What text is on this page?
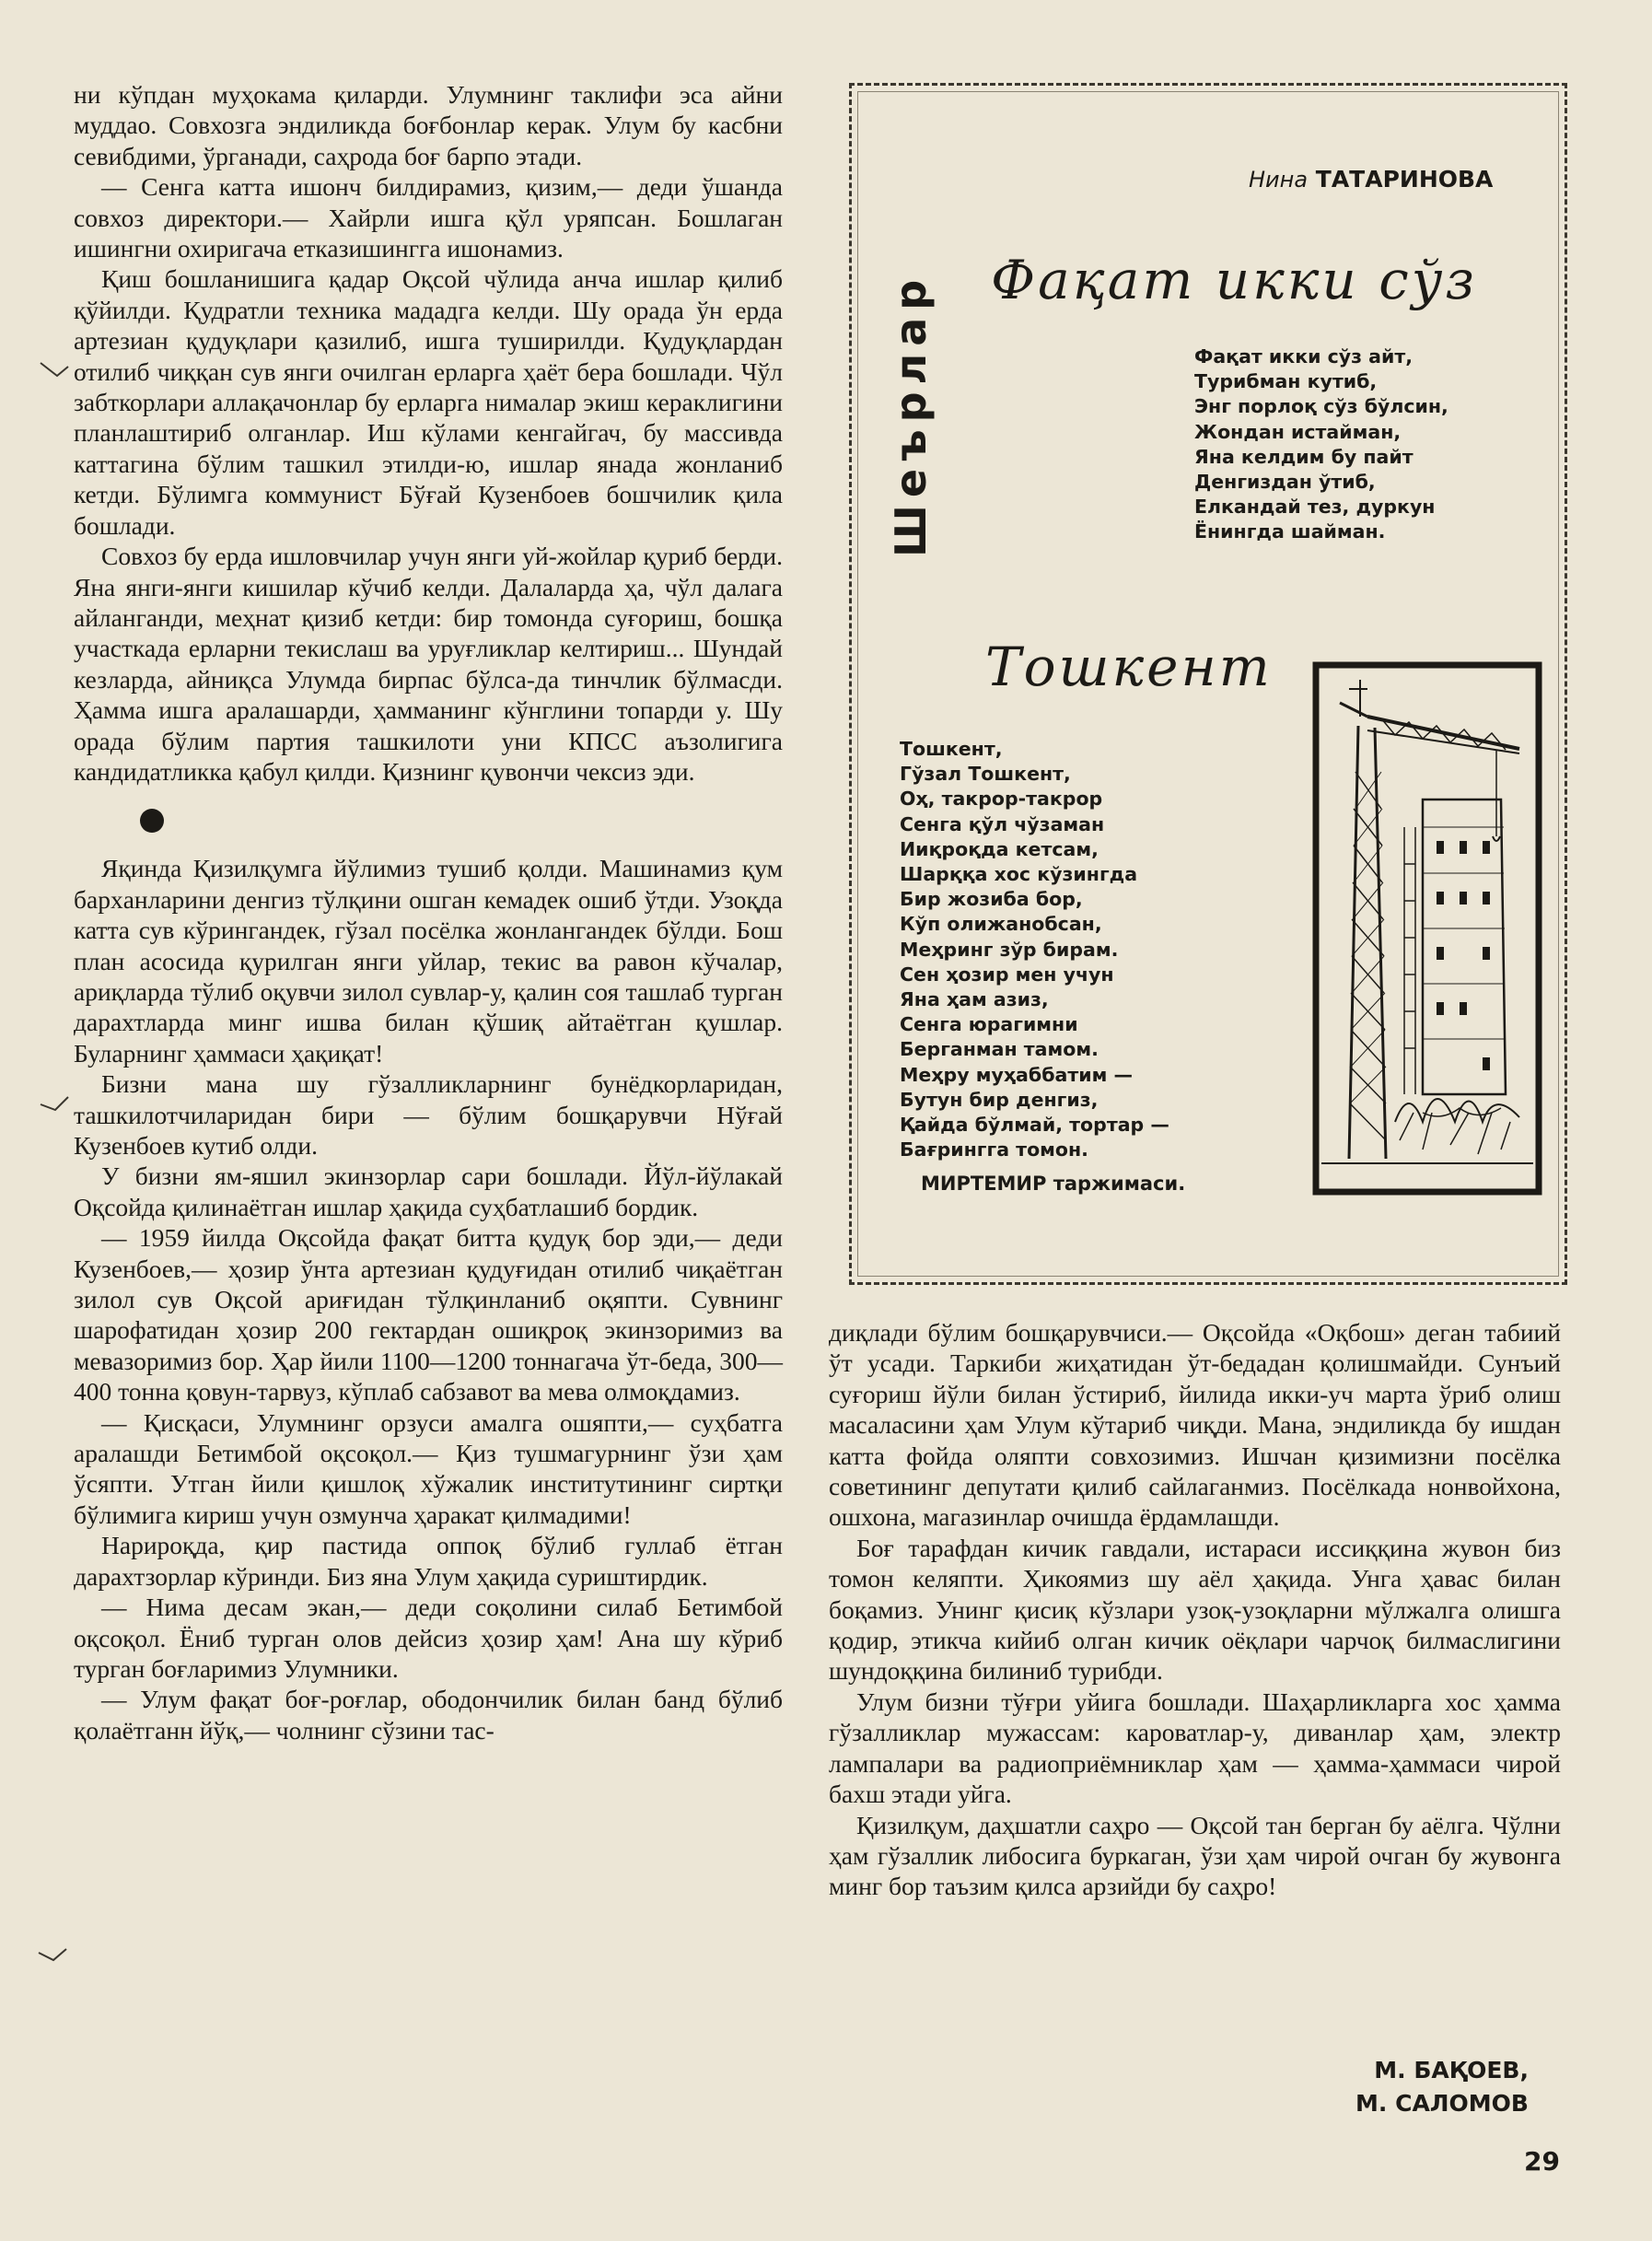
ни кўпдан муҳокама қиларди. Улумнинг таклифи эса айни муддао. Совхозга эндиликда боғбонлар керак. Улум бу касбни севибдими, ўрганади, саҳрода боғ барпо этади.

— Сенга катта ишонч билдирамиз, қизим,— деди ўшанда совхоз директори.— Хайрли ишга қўл уряпсан. Бошлаган ишингни охиригача етказишингга ишонамиз.

Қиш бошланишига қадар Оқсой чўлида анча ишлар қилиб қўйилди. Қудратли техника мададга келди. Шу орада ўн ерда артезиан қудуқлари қазилиб, ишга туширилди. Қудуқлардан отилиб чиққан сув янги очилган ерларга ҳаёт бера бошлади. Чўл забткорлари аллақачонлар бу ерларга нималар экиш кераклигини планлаштириб олганлар. Иш кўлами кенгайгач, бу массивда каттагина бўлим ташкил этилди-ю, ишлар янада жонланиб кетди. Бўлимга коммунист Бўғай Кузенбоев бошчилик қила бошлади.

Совхоз бу ерда ишловчилар учун янги уй-жойлар қуриб берди. Яна янги-янги кишилар кўчиб келди. Далаларда ҳа, чўл далага айланганди, меҳнат қизиб кетди: бир томонда суғориш, бошқа участкада ерларни текислаш ва уруғликлар келтириш... Шундай кезларда, айниқса Улумда бирпас бўлса-да тинчлик бўлмасди. Ҳамма ишга аралашарди, ҳамманинг кўнглини топарди у. Шу орада бўлим партия ташкилоти уни КПСС аъзолигига кандидатликка қабул қилди. Қизнинг қувончи чексиз эди.

Яқинда Қизилқумга йўлимиз тушиб қолди. Машинамиз қум бархaнларини денгиз тўлқини ошган кемадек ошиб ўтди. Узоқда катта сув кўрингандек, гўзал посёлка жонлангандек бўлди. Бош план асосида қурилган янги уйлар, текис ва равон кўчалар, ариқларда тўлиб оқувчи зилол сувлар-у, қалин соя ташлаб турган дарахтларда минг ишва билан қўшиқ айтаётган қушлар. Буларнинг ҳаммаси ҳақиқат!

Бизни мана шу гўзалликларнинг бунёдкорларидан, ташкилотчиларидан бири — бўлим бошқарувчи Нўғай Кузенбоев кутиб олди.

У бизни ям-яшил экинзорлар сари бошлади. Йўл-йўлакай Оқсойда қилинаётган ишлар ҳақида суҳбатлашиб бордик.

— 1959 йилда Оқсойда фақат битта қудуқ бор эди,— деди Кузенбоев,— ҳозир ўнта артезиан қудуғидан отилиб чиқаётган зилол сув Оқсой ариғидан тўлқинланиб оқяпти. Сувнинг шарофатидан ҳозир 200 гектардан ошиқроқ экинзоримиз ва мевазоримиз бор. Ҳар йили 1100—1200 тоннагача ўт-беда, 300—400 тонна қовун-тарвуз, кўплаб сабзавот ва мева олмоқдамиз.

— Қисқаси, Улумнинг орзуси амалга ошяпти,— суҳбатга аралашди Бетимбой оқсоқол.— Қиз тушмагурнинг ўзи ҳам ўсяпти. Утган йили қишлоқ хўжалик институтининг сиртқи бўлимига кириш учун озмунча ҳаракат қилмадими!

Нарироқда, қир пастида оппоқ бўлиб гуллаб ётган дарахтзорлар кўринди. Биз яна Улум ҳақида суриштирдик.

— Нима десам экан,— деди соқолини силаб Бетимбой оқсоқол. Ёниб турган олов дейсиз ҳозир ҳам! Ана шу кўриб турган боғларимиз Улумники.

— Улум фақат боғ-роғлар, ободончилик билан банд бўлиб қолаётганн йўқ,— чолнинг сўзини тас-

Шеърлар
Нина ТАТАРИНОВА
Фақат икки сўз
Фақат икки сўз айт,
Турибман кутиб,
Энг порлоқ сўз бўлсин,
Жондан истайман,
Яна келдим бу пайт
Денгиздан ўтиб,
Елкандай тез, дуркун
Ёнингда шайман.
Тошкент
Тошкент,
Гўзал Тошкент,
Оҳ, такрор-такрор
Сенга қўл чўзаман
Ииқроқда кетсам,
Шарққа хос кўзингда
Бир жозиба бор,
Кўп олижанобсан,
Меҳринг зўр бирам.
Сен ҳозир мен учун
Яна ҳам азиз,
Сенга юрагимни
Берганман тамом.
Меҳру муҳаббатим —
Бутун бир денгиз,
Қайда бўлмай, тортар —
Бағрингга томон.
МИРТЕМИР таржимаси.

диқлади бўлим бошқарувчиси.— Оқсойда «Оқбош» деган табиий ўт усади. Таркиби жиҳатидан ўт-бедадан қолишмайди. Сунъий суғориш йўли билан ўстириб, йилида икки-уч марта ўриб олиш масаласини ҳам Улум кўтариб чиқди. Мана, эндиликда бу ишдан катта фойда оляпти совхозимиз. Ишчан қизимизни посёлка советининг депутати қилиб сайлаганмиз. Посёлкада нонвойхона, ошхона, магазинлар очишда ёрдамлашди.

Боғ тарафдан кичик гавдали, истараси иссиққина жувон биз томон келяпти. Ҳикоямиз шу аёл ҳақида. Унга ҳавас билан боқамиз. Унинг қисиқ кўзлари узоқ-узоқларни мўлжалга олишга қодир, этикча кийиб олган кичик оёқлари чарчоқ билмаслигини шундоққина билиниб турибди.

Улум бизни тўғри уйига бошлади. Шаҳарликларга хос ҳамма гўзалликлар мужассам: кароватлар-у, диванлар ҳам, электр лампалари ва радиоприёмниклар ҳам — ҳамма-ҳаммаси чирой бахш этади уйга.

Қизилқум, даҳшатли саҳро — Оқсой тан берган бу аёлга. Чўлни ҳам гўзаллик либосига буркаган, ўзи ҳам чирой очган бу жувонга минг бор таъзим қилса арзийди бу саҳро!

М. БАҚОЕВ,
М. САЛОМОВ
29
